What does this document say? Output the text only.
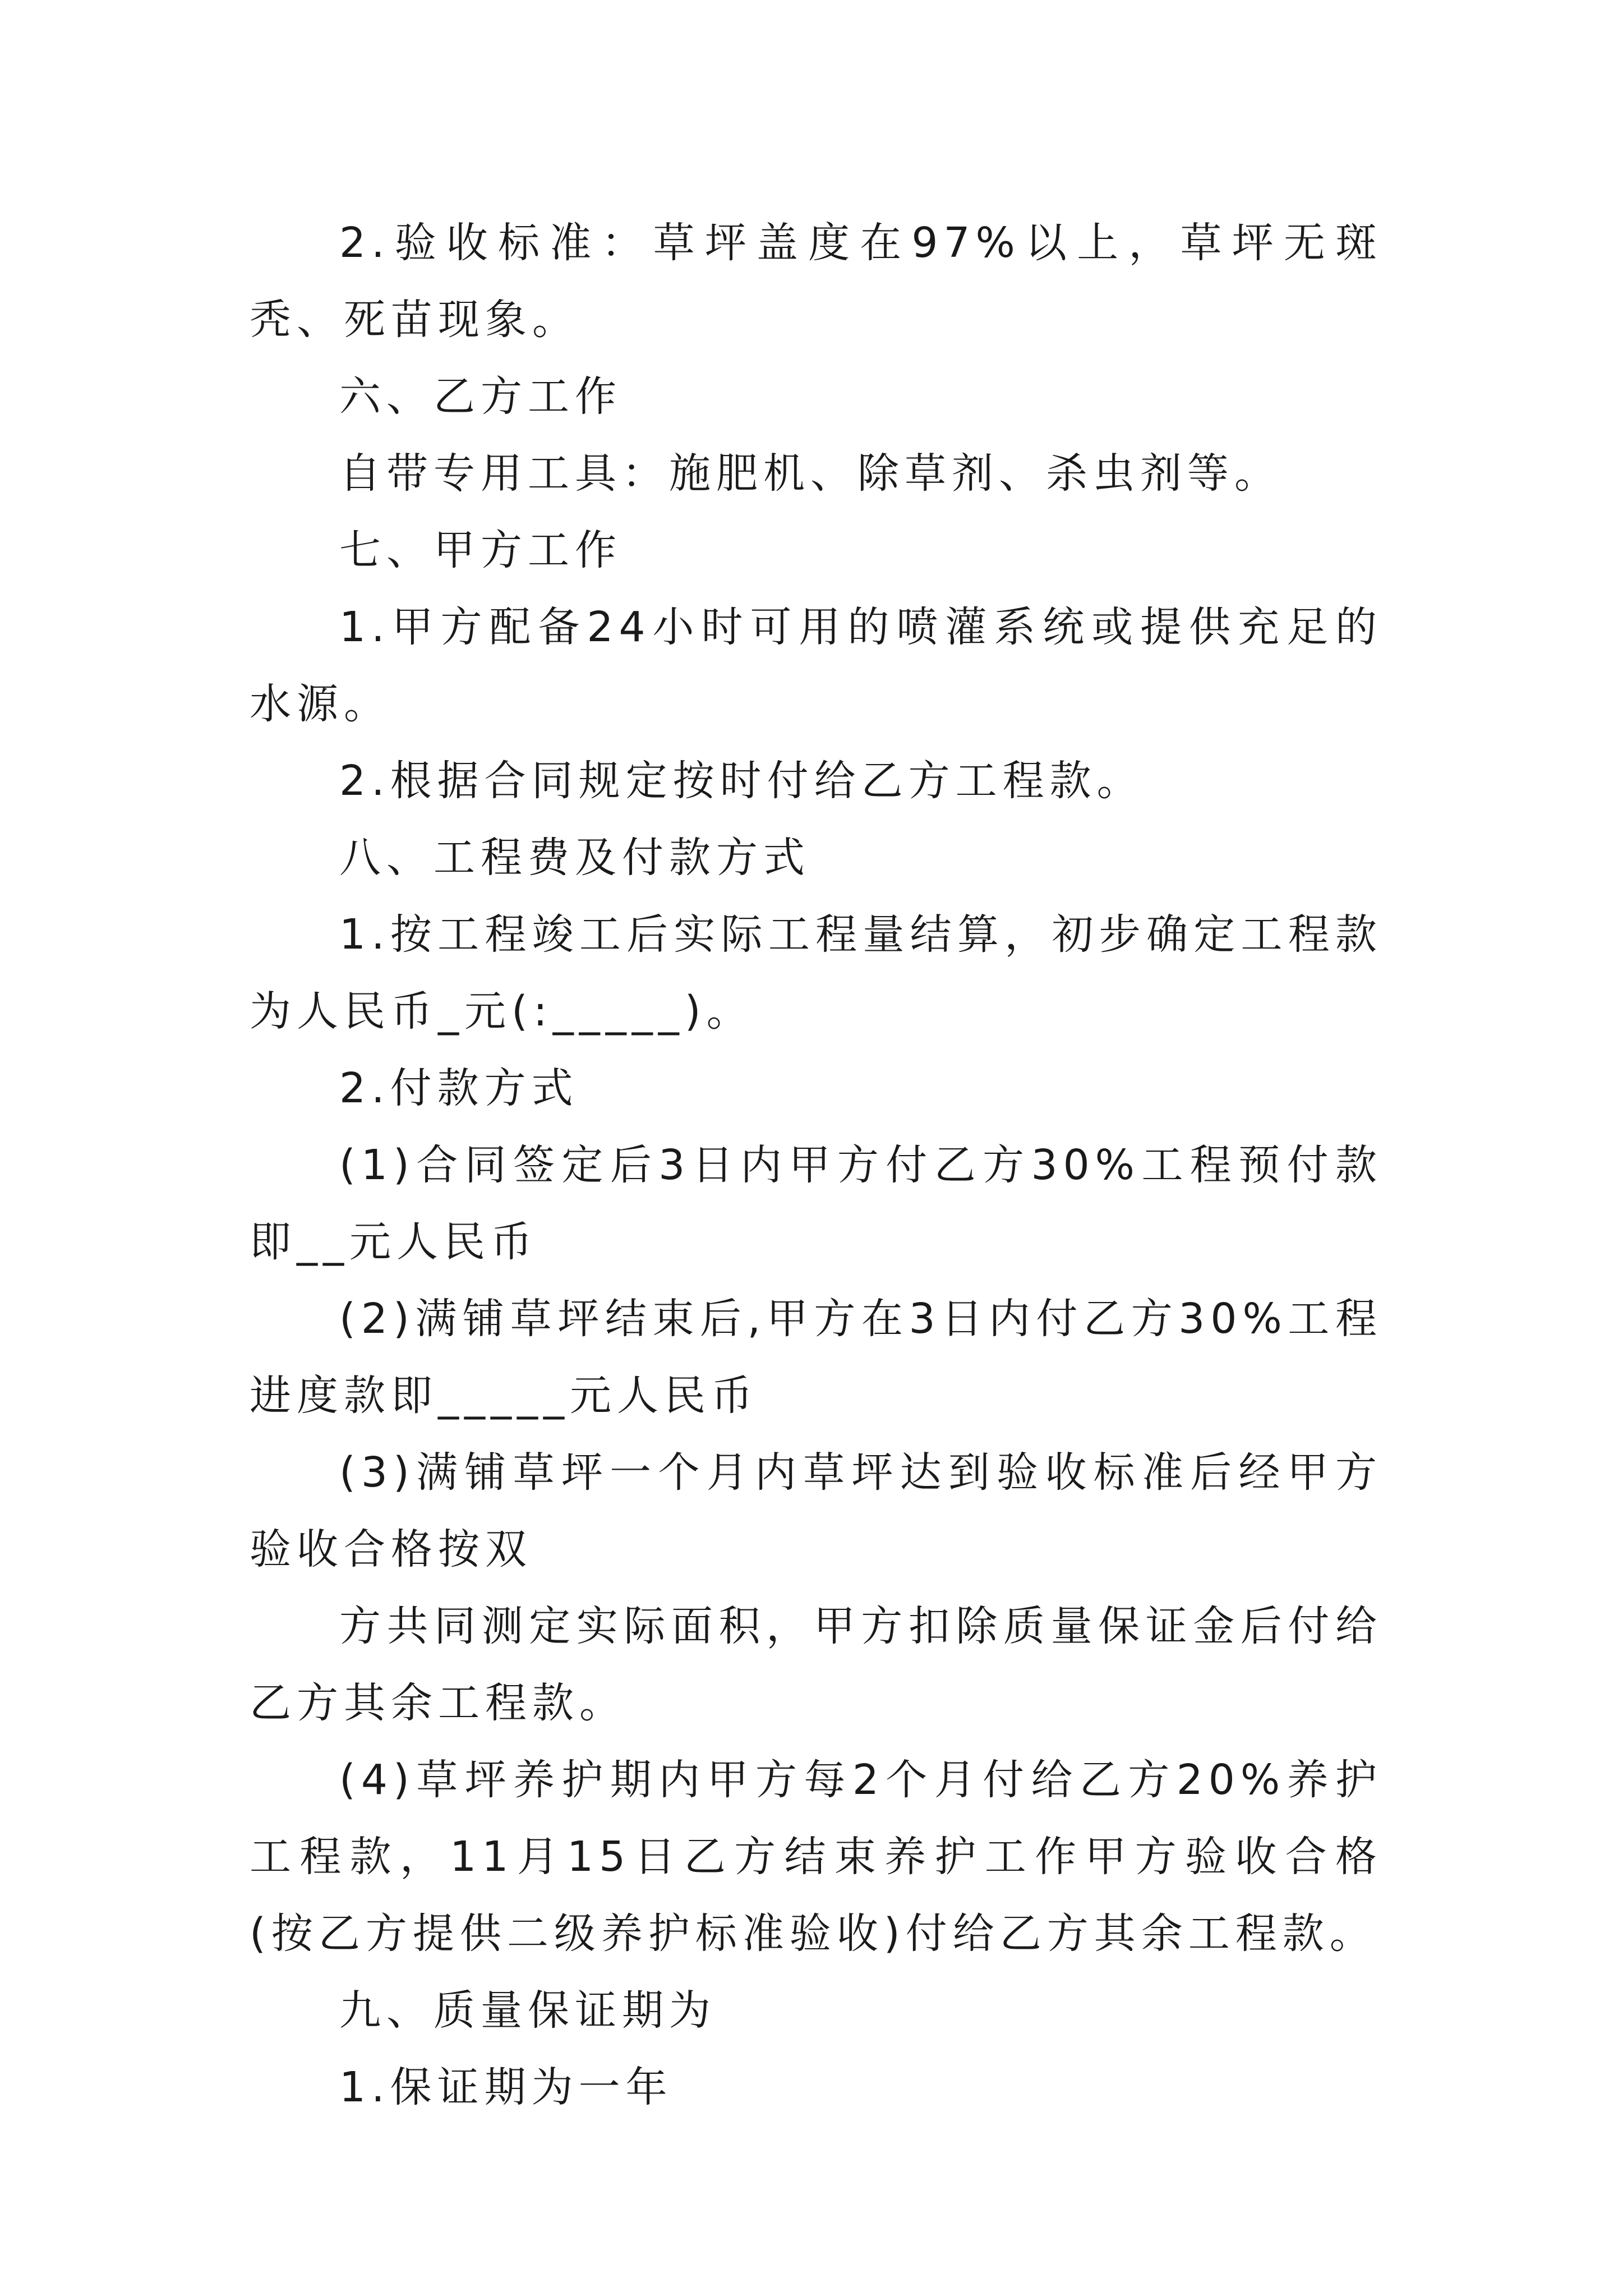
2.验收标准：草坪盖度在97%以上，草坪无斑秃、死苗现象。

六、乙方工作

自带专用工具：施肥机、除草剂、杀虫剂等。

七、甲方工作

1.甲方配备24小时可用的喷灌系统或提供充足的水源。

2.根据合同规定按时付给乙方工程款。

八、工程费及付款方式

1.按工程竣工后实际工程量结算，初步确定工程款为人民币_元(:_____)。

2.付款方式

(1)合同签定后3日内甲方付乙方30%工程预付款即__元人民币

(2)满铺草坪结束后,甲方在3日内付乙方30%工程进度款即_____元人民币

(3)满铺草坪一个月内草坪达到验收标准后经甲方验收合格按双

方共同测定实际面积，甲方扣除质量保证金后付给乙方其余工程款。

(4)草坪养护期内甲方每2个月付给乙方20%养护工程款，11月15日乙方结束养护工作甲方验收合格(按乙方提供二级养护标准验收)付给乙方其余工程款。

九、质量保证期为

1.保证期为一年
